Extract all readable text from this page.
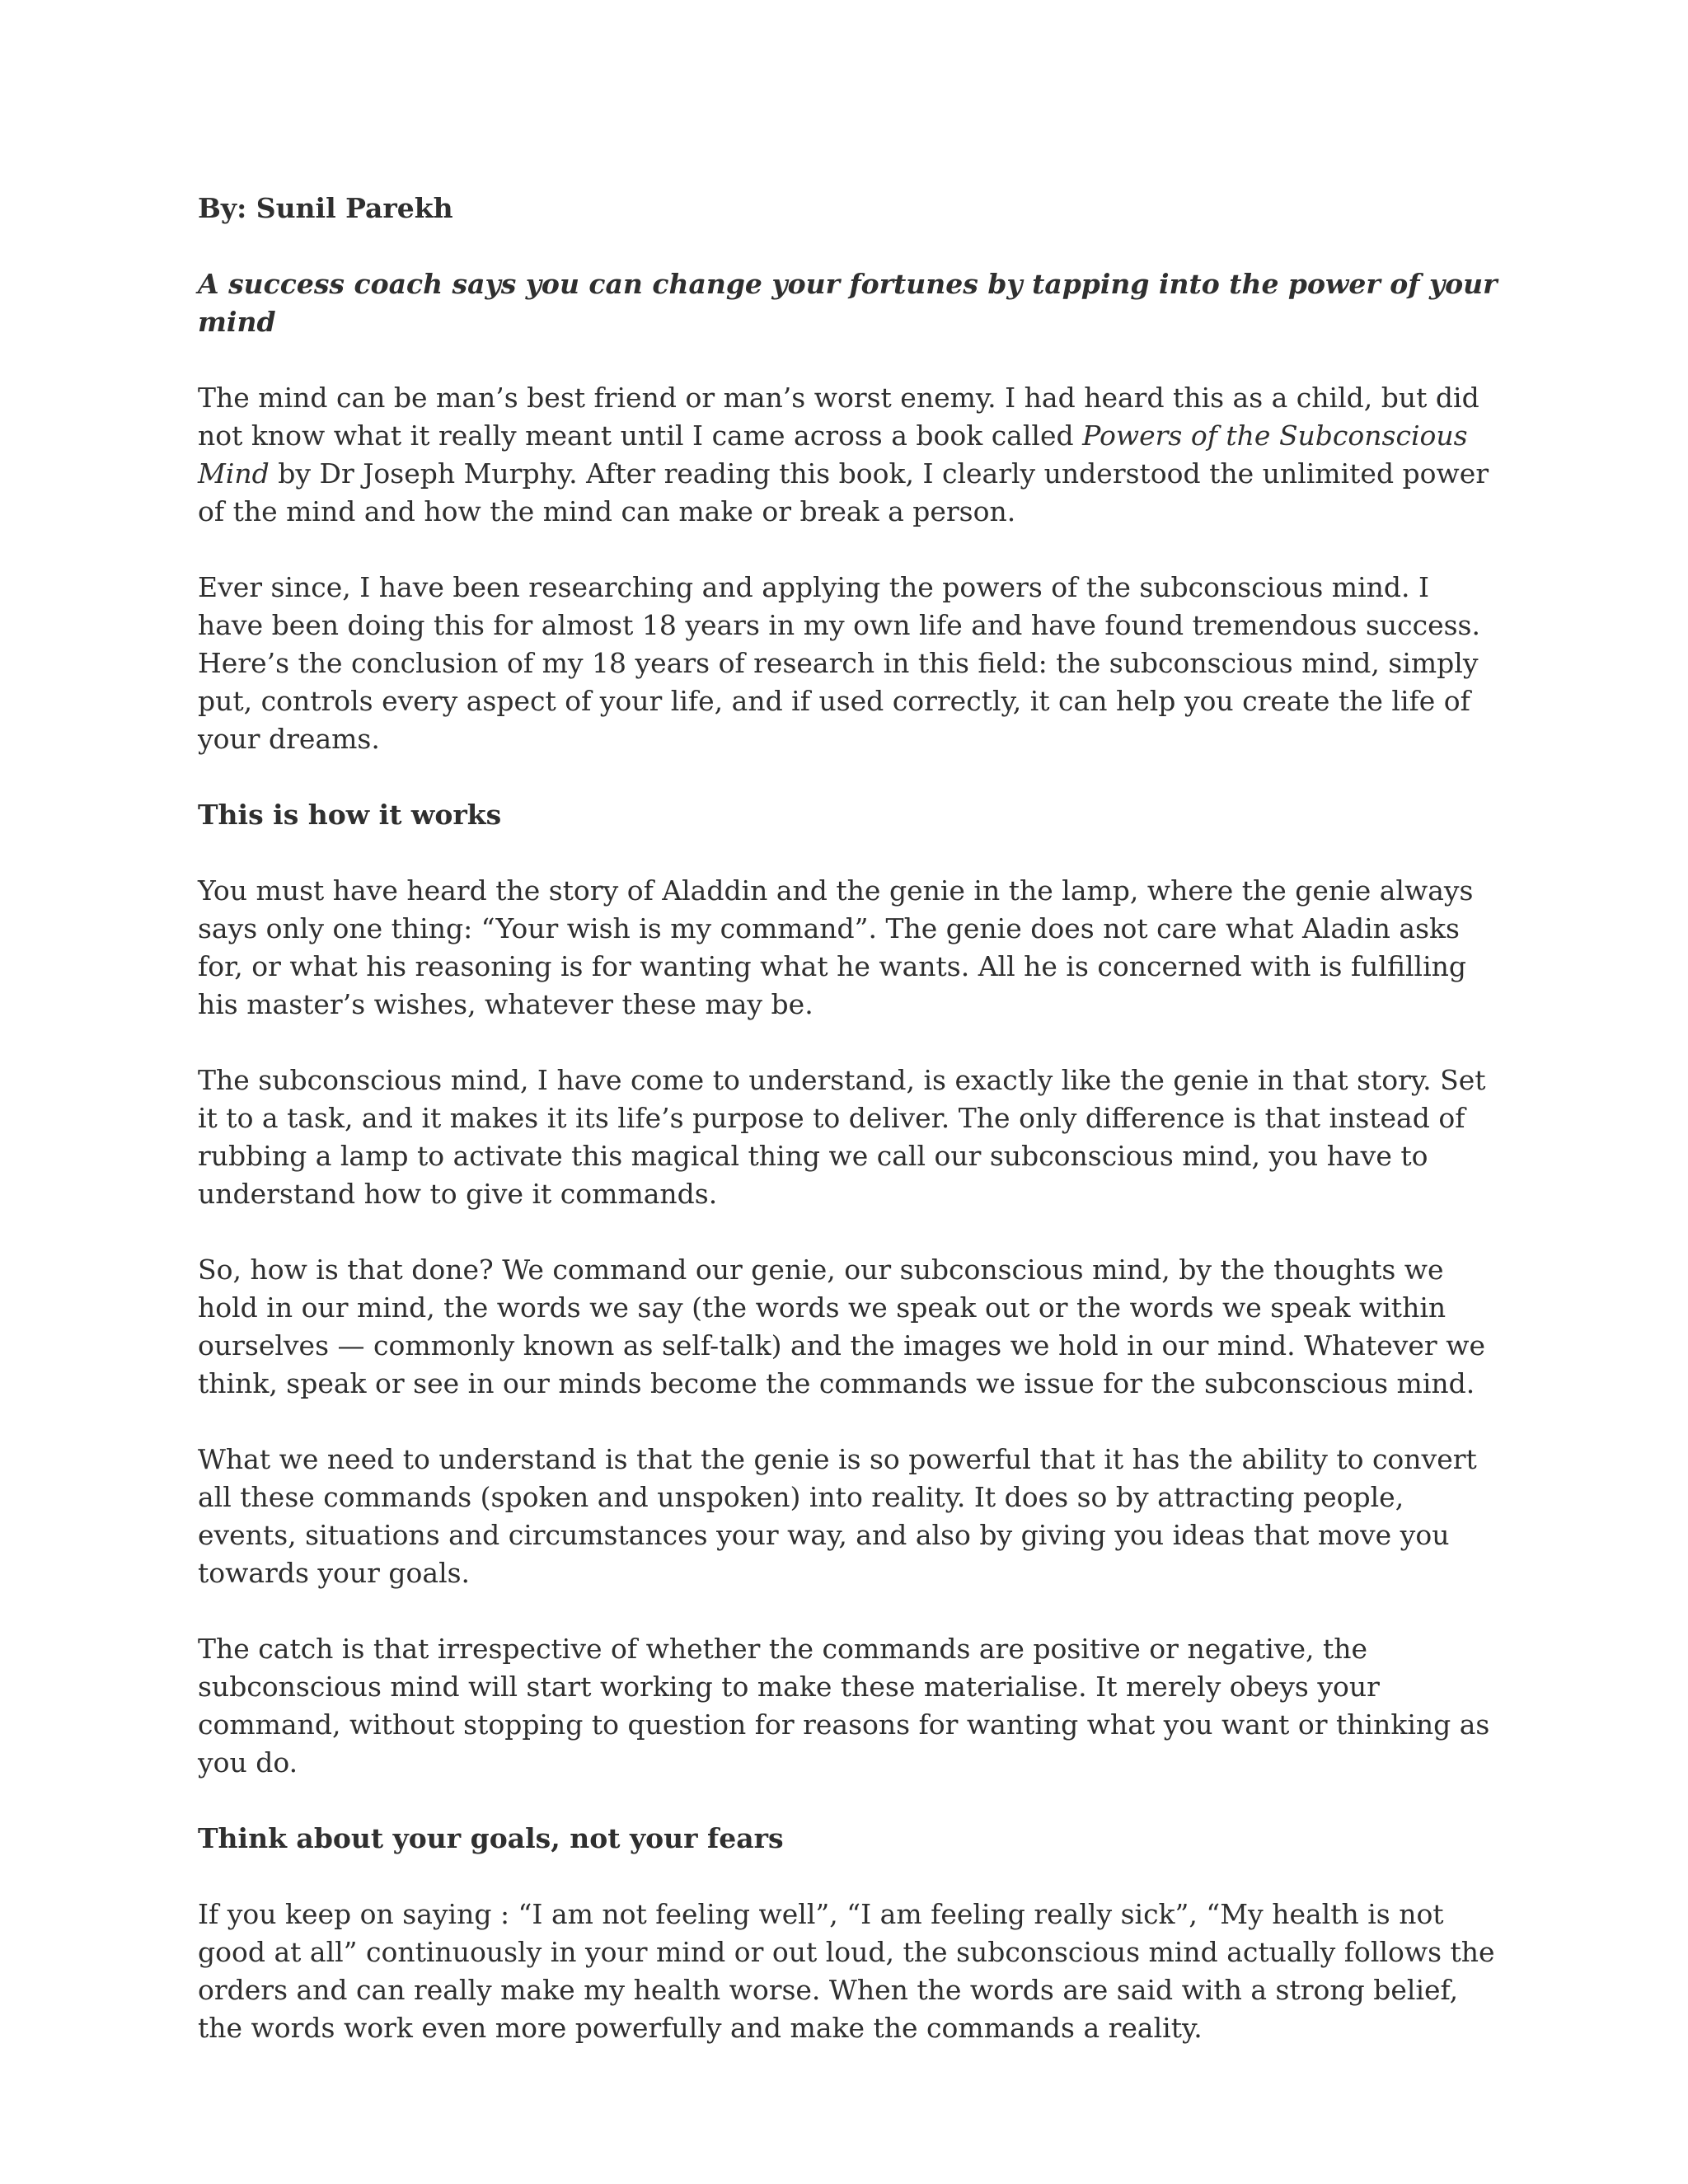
By: Sunil Parekh
A success coach says you can change your fortunes by tapping into the power of your mind

The mind can be man’s best friend or man’s worst enemy. I had heard this as a child, but did not know what it really meant until I came across a book called Powers of the Subconscious Mind by Dr Joseph Murphy. After reading this book, I clearly understood the unlimited power of the mind and how the mind can make or break a person.

Ever since, I have been researching and applying the powers of the subconscious mind. I have been doing this for almost 18 years in my own life and have found tremendous success. Here’s the conclusion of my 18 years of research in this field: the subconscious mind, simply put, controls every aspect of your life, and if used correctly, it can help you create the life of your dreams.

This is how it works

You must have heard the story of Aladdin and the genie in the lamp, where the genie always says only one thing: “Your wish is my command”. The genie does not care what Aladin asks for, or what his reasoning is for wanting what he wants. All he is concerned with is fulfilling his master’s wishes, whatever these may be.

The subconscious mind, I have come to understand, is exactly like the genie in that story. Set it to a task, and it makes it its life’s purpose to deliver. The only difference is that instead of rubbing a lamp to activate this magical thing we call our subconscious mind, you have to understand how to give it commands.

So, how is that done? We command our genie, our subconscious mind, by the thoughts we hold in our mind, the words we say (the words we speak out or the words we speak within ourselves — commonly known as self-talk) and the images we hold in our mind. Whatever we think, speak or see in our minds become the commands we issue for the subconscious mind.

What we need to understand is that the genie is so powerful that it has the ability to convert all these commands (spoken and unspoken) into reality. It does so by attracting people, events, situations and circumstances your way, and also by giving you ideas that move you towards your goals.

The catch is that irrespective of whether the commands are positive or negative, the subconscious mind will start working to make these materialise. It merely obeys your command, without stopping to question for reasons for wanting what you want or thinking as you do.

Think about your goals, not your fears

If you keep on saying : “I am not feeling well”, “I am feeling really sick”, “My health is not good at all” continuously in your mind or out loud, the subconscious mind actually follows the orders and can really make my health worse. When the words are said with a strong belief, the words work even more powerfully and make the commands a reality.
